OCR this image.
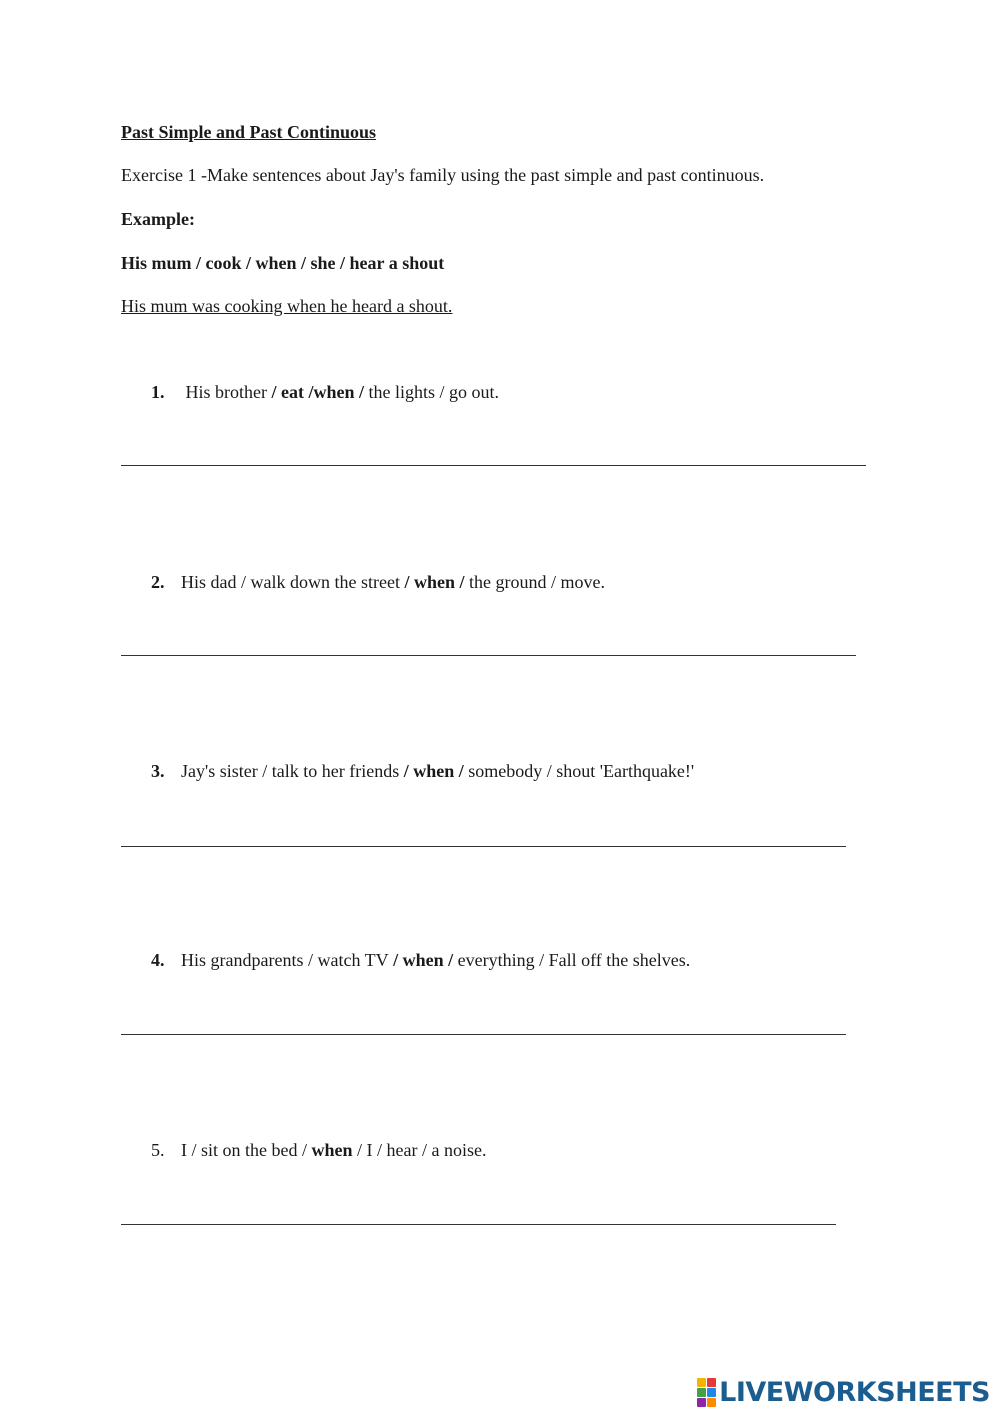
Past Simple and Past Continuous
Exercise 1 -Make sentences about Jay's family using the past simple and past continuous.
Example:
His mum / cook / when / she / hear a shout
His mum was cooking when he heard a shout.
1. His brother / eat /when / the lights / go out.
2. His dad / walk down the street / when / the ground / move.
3. Jay's sister / talk to her friends / when / somebody / shout 'Earthquake!'
4. His grandparents / watch TV / when / everything / Fall off the shelves.
5. I / sit on the bed / when / I / hear / a noise.
LIVEWORKSHEETS
